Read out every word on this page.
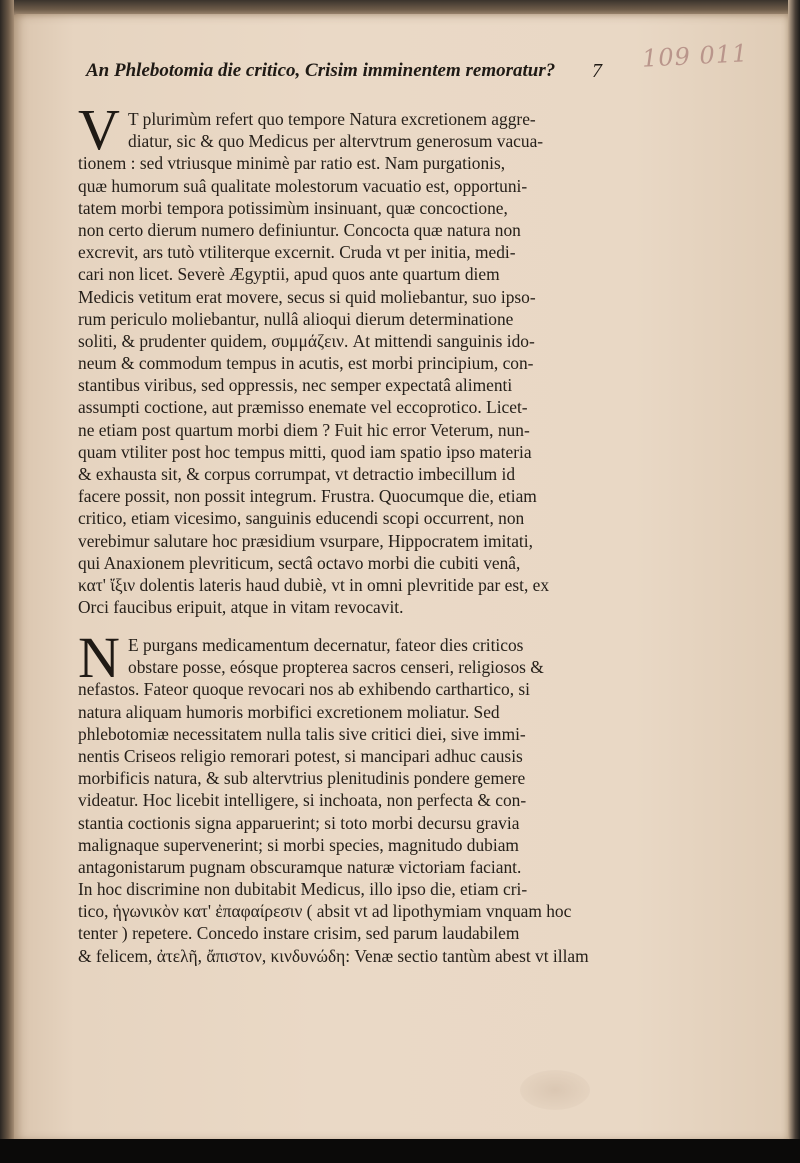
109 011
An Phlebotomia die critico, Crisim imminentem remoratur?	7
V T plurimùm refert quo tempore Natura excretionem aggre-
diatur, sic & quo Medicus per altervtrum generosum vacua-
tionem : sed vtriusque minimè par ratio est. Nam purgationis,
quæ humorum suâ qualitate molestorum vacuatio est, opportuni-
tatem morbi tempora potissimùm insinuant, quæ concoctione,
non certo dierum numero definiuntur. Concocta quæ natura non
excrevit, ars tutò vtiliterque excernit. Cruda vt per initia, medi-
cari non licet. Severè Ægyptii, apud quos ante quartum diem
Medicis vetitum erat movere, secus si quid moliebantur, suo ipso-
rum periculo moliebantur, nullâ alioqui dierum determinatione
soliti, & prudenter quidem, συμμάζειν. At mittendi sanguinis ido-
neum & commodum tempus in acutis, est morbi principium, con-
stantibus viribus, sed oppressis, nec semper expectatâ alimenti
assumpti coctione, aut præmisso enemate vel eccoprotico. Licet-
ne etiam post quartum morbi diem ? Fuit hic error Veterum, nun-
quam vtiliter post hoc tempus mitti, quod iam spatio ipso materia
& exhausta sit, & corpus corrumpat, vt detractio imbecillum id
facere possit, non possit integrum. Frustra. Quocumque die, etiam
critico, etiam vicesimo, sanguinis educendi scopi occurrent, non
verebimur salutare hoc præsidium vsurpare, Hippocratem imitati,
qui Anaxionem plevriticum, sectâ octavo morbi die cubiti venâ,
κατ' ἴξιν dolentis lateris haud dubiè, vt in omni plevritide par est, ex
Orci faucibus eripuit, atque in vitam revocavit.
N E purgans medicamentum decernatur, fateor dies criticos
obstare posse, eósque propterea sacros censeri, religiosos &
nefastos. Fateor quoque revocari nos ab exhibendo carthartico, si
natura aliquam humoris morbifici excretionem moliatur. Sed
phlebotomiæ necessitatem nulla talis sive critici diei, sive immi-
nentis Criseos religio remorari potest, si mancipari adhuc causis
morbificis natura, & sub altervtrius plenitudinis pondere gemere
videatur. Hoc licebit intelligere, si inchoata, non perfecta & con-
stantia coctionis signa apparuerint; si toto morbi decursu gravia
malignaque supervenerint; si morbi species, magnitudo dubiam
antagonistarum pugnam obscuramque naturæ victoriam faciant.
In hoc discrimine non dubitabit Medicus, illo ipso die, etiam cri-
tico, ἡγωνικὸν κατ' ἐπαφαίρεσιν ( absit vt ad lipothymiam vnquam hoc
tenter ) repetere. Concedo instare crisim, sed parum laudabilem
& felicem, ἀτελῆ, ἄπιστον, κινδυνώδη: Venæ sectio tantùm abest vt illam
